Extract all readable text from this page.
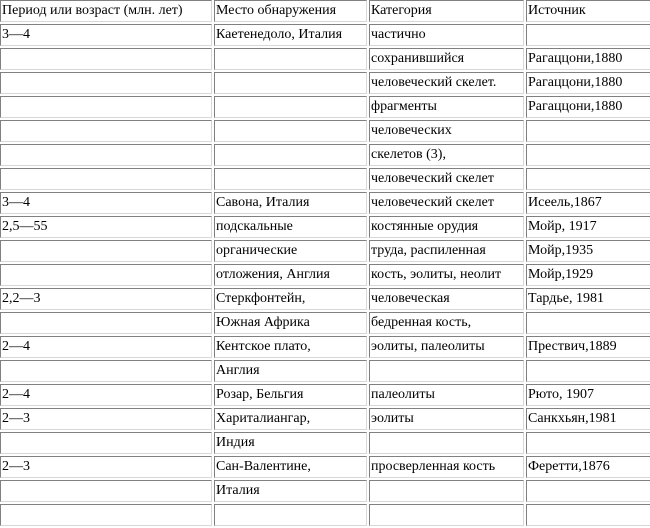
Период или возраст (млн. лет)	Место обнаружения	Категория	Источник
3—4	Каетенедоло, Италия	частично	
		сохранившийся	Рагаццони,1880
		человеческий скелет.	Рагаццони,1880
		фрагменты	Рагаццони,1880
		человеческих	
		скелетов (3),	
		человеческий скелет	
3—4	Савона, Италия	человеческий скелет	Исеель,1867
2,5—55	подскальные	костянные орудия	Мойр, 1917
	органические	труда, распиленная	Мойр,1935
	отложения, Англия	кость, эолиты, неолит	Мойр,1929
2,2—3	Стеркфонтейн,	человеческая	Тардье, 1981
	Южная Африка	бедренная кость,	
2—4	Кентское плато,	эолиты, палеолиты	Прествич,1889
	Англия		
2—4	Розар, Бельгия	палеолиты	Рюто, 1907
2—3	Хариталиангар,	эолиты	Санкхьян,1981
	Индия		
2—3	Сан-Валентине,	просверленная кость	Феретти,1876
	Италия		
